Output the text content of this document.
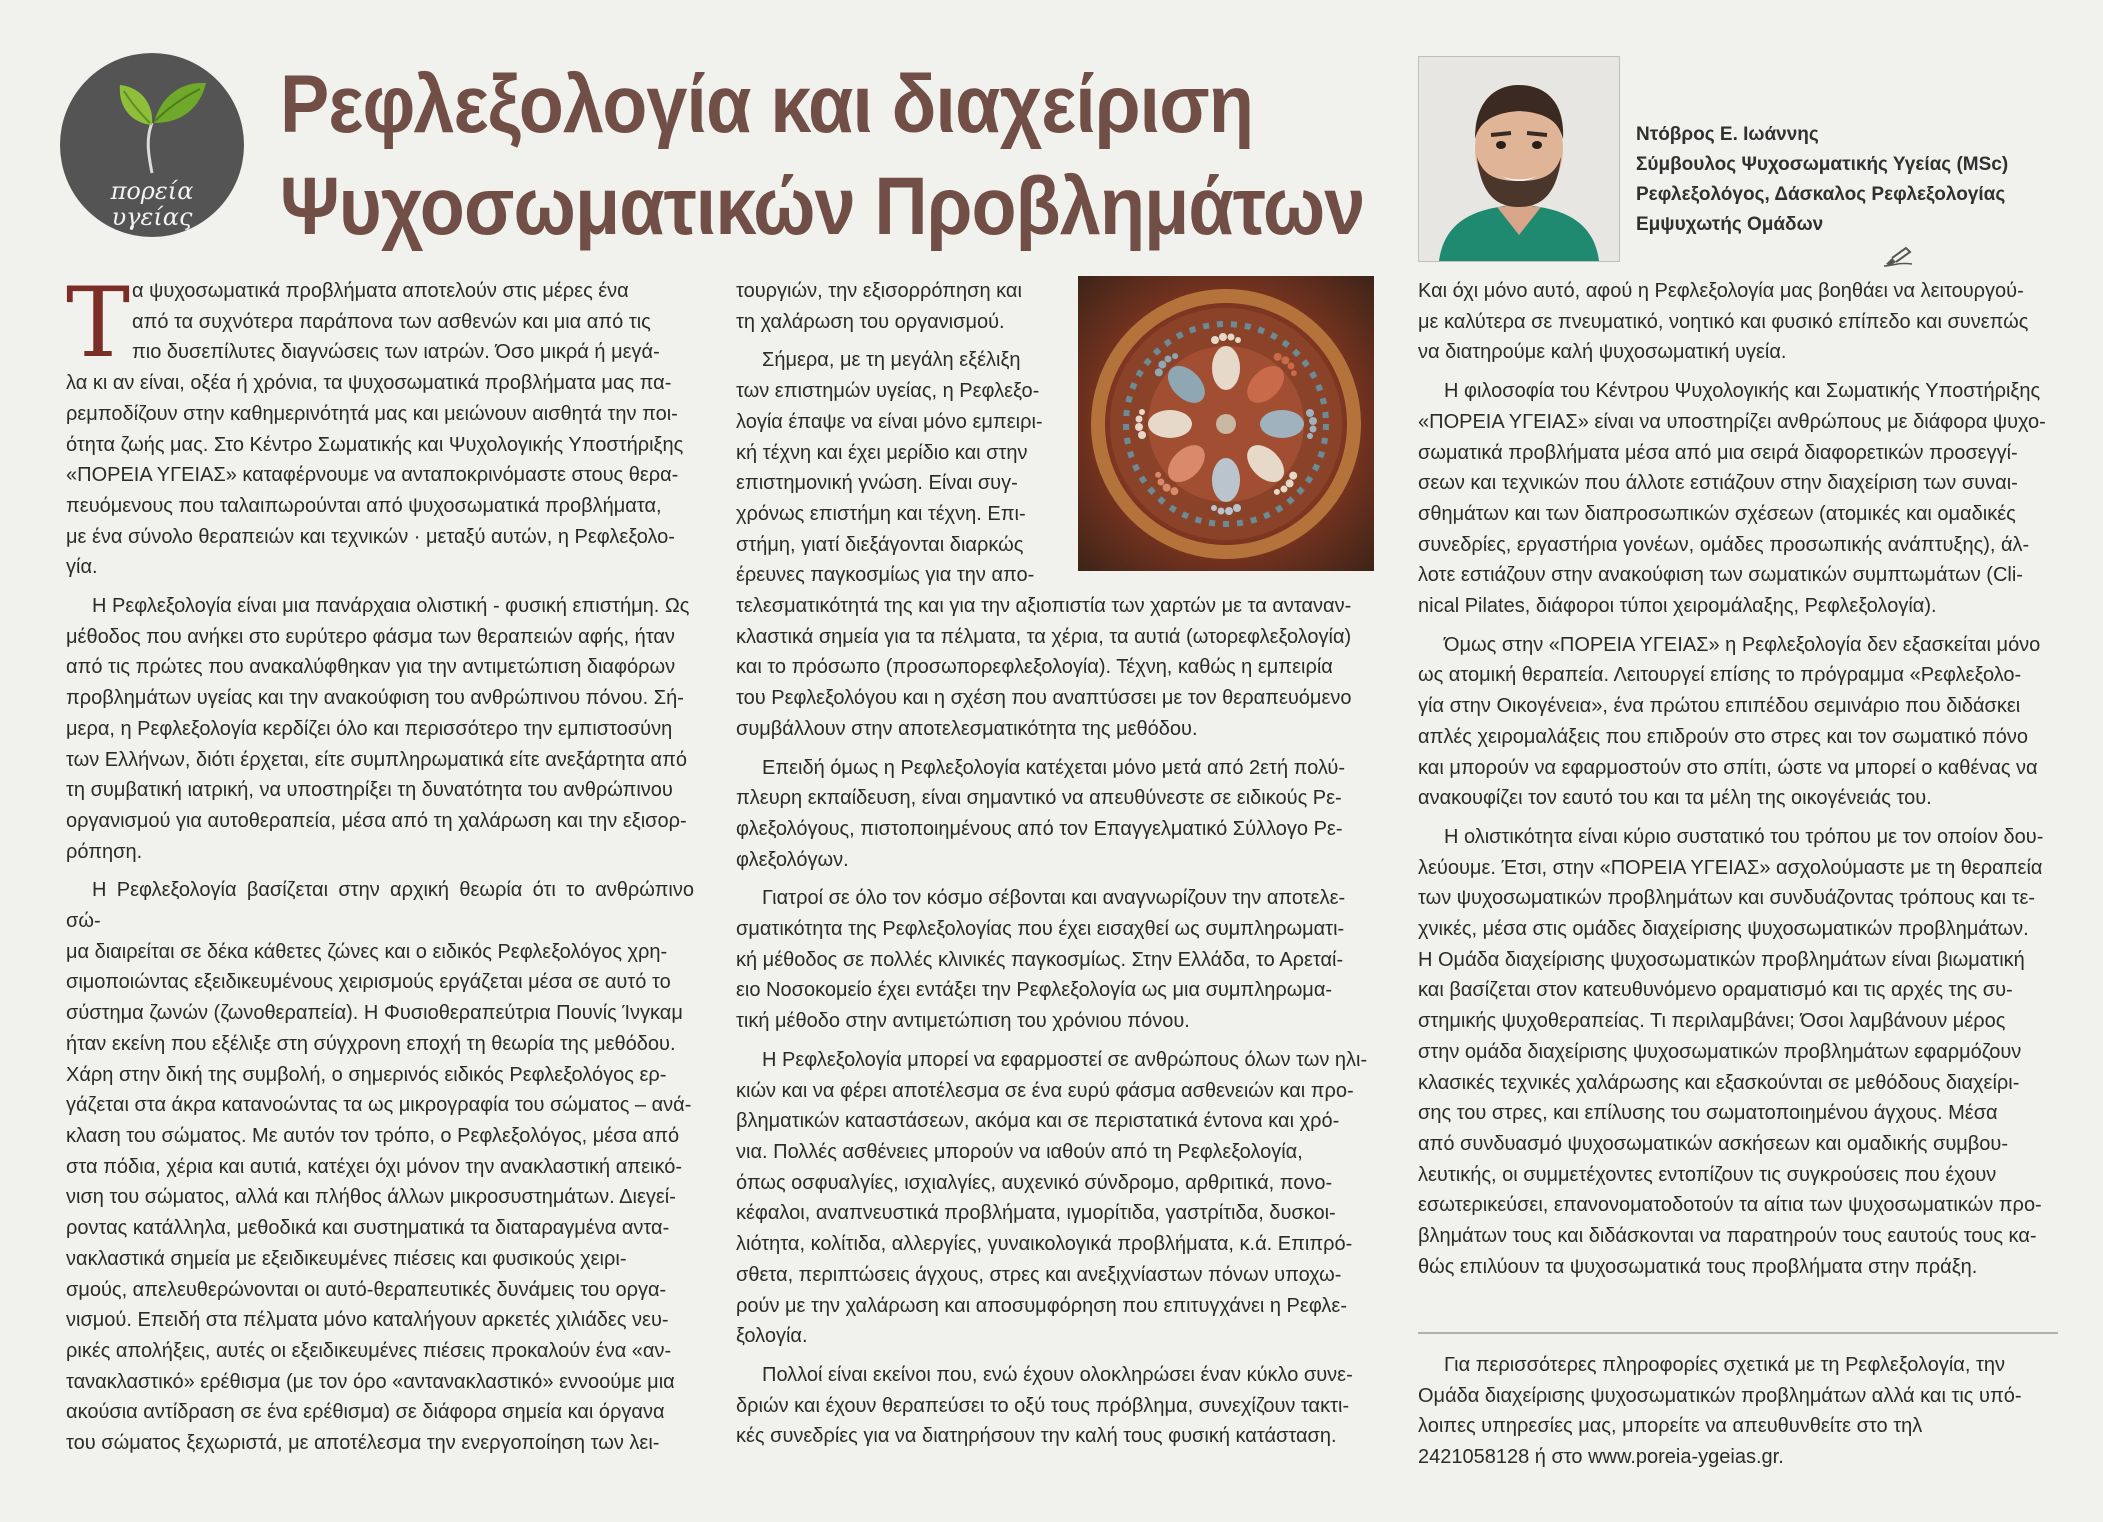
πορεία
υγείας
Ρεφλεξολογία και διαχείριση
Ψυχοσωματικών Προβλημάτων
Ντόβρος Ε. Ιωάννης
Σύμβουλος Ψυχοσωματικής Υγείας (MSc)
Ρεφλεξολόγος, Δάσκαλος Ρεφλεξολογίας
Εμψυχωτής Ομάδων
Τ α ψυχοσωματικά προβλήματα αποτελούν στις μέρες ένα

από τα συχνότερα παράπονα των ασθενών και μια από τις

πιο δυσεπίλυτες διαγνώσεις των ιατρών. Όσο μικρά ή μεγά-

λα κι αν είναι, οξέα ή χρόνια, τα ψυχοσωματικά προβλήματα μας πα-

ρεμποδίζουν στην καθημερινότητά μας και μειώνουν αισθητά την ποι-

ότητα ζωής μας. Στο Κέντρο Σωματικής και Ψυχολογικής Υποστήριξης

«ΠΟΡΕΙΑ ΥΓΕΙΑΣ» καταφέρνουμε να ανταποκρινόμαστε στους θερα-

πευόμενους που ταλαιπωρούνται από ψυχοσωματικά προβλήματα,

με ένα σύνολο θεραπειών και τεχνικών · μεταξύ αυτών, η Ρεφλεξολο-

γία.

Η Ρεφλεξολογία είναι μια πανάρχαια ολιστική - φυσική επιστήμη. Ως

μέθοδος που ανήκει στο ευρύτερο φάσμα των θεραπειών αφής, ήταν

από τις πρώτες που ανακαλύφθηκαν για την αντιμετώπιση διαφόρων

προβλημάτων υγείας και την ανακούφιση του ανθρώπινου πόνου. Σή-

μερα, η Ρεφλεξολογία κερδίζει όλο και περισσότερο την εμπιστοσύνη

των Ελλήνων, διότι έρχεται, είτε συμπληρωματικά είτε ανεξάρτητα από

τη συμβατική ιατρική, να υποστηρίξει τη δυνατότητα του ανθρώπινου

οργανισμού για αυτοθεραπεία, μέσα από τη χαλάρωση και την εξισορ-

ρόπηση.

Η Ρεφλεξολογία βασίζεται στην αρχική θεωρία ότι το ανθρώπινο σώ-

μα διαιρείται σε δέκα κάθετες ζώνες και ο ειδικός Ρεφλεξολόγος χρη-

σιμοποιώντας εξειδικευμένους χειρισμούς εργάζεται μέσα σε αυτό το

σύστημα ζωνών (ζωνοθεραπεία). Η Φυσιοθεραπεύτρια Πουνίς Ίνγκαμ

ήταν εκείνη που εξέλιξε στη σύγχρονη εποχή τη θεωρία της μεθόδου.

Χάρη στην δική της συμβολή, ο σημερινός ειδικός Ρεφλεξολόγος ερ-

γάζεται στα άκρα κατανοώντας τα ως μικρογραφία του σώματος – ανά-

κλαση του σώματος. Με αυτόν τον τρόπο, ο Ρεφλεξολόγος, μέσα από

στα πόδια, χέρια και αυτιά, κατέχει όχι μόνον την ανακλαστική απεικό-

νιση του σώματος, αλλά και πλήθος άλλων μικροσυστημάτων. Διεγεί-

ροντας κατάλληλα, μεθοδικά και συστηματικά τα διαταραγμένα αντα-

νακλαστικά σημεία με εξειδικευμένες πιέσεις και φυσικούς χειρι-

σμούς, απελευθερώνονται οι αυτό-θεραπευτικές δυνάμεις του οργα-

νισμού. Επειδή στα πέλματα μόνο καταλήγουν αρκετές χιλιάδες νευ-

ρικές απολήξεις, αυτές οι εξειδικευμένες πιέσεις προκαλούν ένα «αν-

τανακλαστικό» ερέθισμα (με τον όρο «αντανακλαστικό» εννοούμε μια

ακούσια αντίδραση σε ένα ερέθισμα) σε διάφορα σημεία και όργανα

του σώματος ξεχωριστά, με αποτέλεσμα την ενεργοποίηση των λει-

τουργιών, την εξισορρόπηση και

τη χαλάρωση του οργανισμού.

Σήμερα, με τη μεγάλη εξέλιξη

των επιστημών υγείας, η Ρεφλεξο-

λογία έπαψε να είναι μόνο εμπειρι-

κή τέχνη και έχει μερίδιο και στην

επιστημονική γνώση. Είναι συγ-

χρόνως επιστήμη και τέχνη. Επι-

στήμη, γιατί διεξάγονται διαρκώς

έρευνες παγκοσμίως για την απο-

τελεσματικότητά της και για την αξιοπιστία των χαρτών με τα ανταναν-

κλαστικά σημεία για τα πέλματα, τα χέρια, τα αυτιά (ωτορεφλεξολογία)

και το πρόσωπο (προσωπορεφλεξολογία). Τέχνη, καθώς η εμπειρία

του Ρεφλεξολόγου και η σχέση που αναπτύσσει με τον θεραπευόμενο

συμβάλλουν στην αποτελεσματικότητα της μεθόδου.

Επειδή όμως η Ρεφλεξολογία κατέχεται μόνο μετά από 2ετή πολύ-

πλευρη εκπαίδευση, είναι σημαντικό να απευθύνεστε σε ειδικούς Ρε-

φλεξολόγους, πιστοποιημένους από τον Επαγγελματικό Σύλλογο Ρε-

φλεξολόγων.

Γιατροί σε όλο τον κόσμο σέβονται και αναγνωρίζουν την αποτελε-

σματικότητα της Ρεφλεξολογίας που έχει εισαχθεί ως συμπληρωματι-

κή μέθοδος σε πολλές κλινικές παγκοσμίως. Στην Ελλάδα, το Αρεταί-

ειο Νοσοκομείο έχει εντάξει την Ρεφλεξολογία ως μια συμπληρωμα-

τική μέθοδο στην αντιμετώπιση του χρόνιου πόνου.

Η Ρεφλεξολογία μπορεί να εφαρμοστεί σε ανθρώπους όλων των ηλι-

κιών και να φέρει αποτέλεσμα σε ένα ευρύ φάσμα ασθενειών και προ-

βληματικών καταστάσεων, ακόμα και σε περιστατικά έντονα και χρό-

νια. Πολλές ασθένειες μπορούν να ιαθούν από τη Ρεφλεξολογία,

όπως οσφυαλγίες, ισχιαλγίες, αυχενικό σύνδρομο, αρθριτικά, πονο-

κέφαλοι, αναπνευστικά προβλήματα, ιγμορίτιδα, γαστρίτιδα, δυσκοι-

λιότητα, κολίτιδα, αλλεργίες, γυναικολογικά προβλήματα, κ.ά. Επιπρό-

σθετα, περιπτώσεις άγχους, στρες και ανεξιχνίαστων πόνων υποχω-

ρούν με την χαλάρωση και αποσυμφόρηση που επιτυγχάνει η Ρεφλε-

ξολογία.

Πολλοί είναι εκείνοι που, ενώ έχουν ολοκληρώσει έναν κύκλο συνε-

δριών και έχουν θεραπεύσει το οξύ τους πρόβλημα, συνεχίζουν τακτι-

κές συνεδρίες για να διατηρήσουν την καλή τους φυσική κατάσταση.

Και όχι μόνο αυτό, αφού η Ρεφλεξολογία μας βοηθάει να λειτουργού-

με καλύτερα σε πνευματικό, νοητικό και φυσικό επίπεδο και συνεπώς

να διατηρούμε καλή ψυχοσωματική υγεία.

Η φιλοσοφία του Κέντρου Ψυχολογικής και Σωματικής Υποστήριξης

«ΠΟΡΕΙΑ ΥΓΕΙΑΣ» είναι να υποστηρίζει ανθρώπους με διάφορα ψυχο-

σωματικά προβλήματα μέσα από μια σειρά διαφορετικών προσεγγί-

σεων και τεχνικών που άλλοτε εστιάζουν στην διαχείριση των συναι-

σθημάτων και των διαπροσωπικών σχέσεων (ατομικές και ομαδικές

συνεδρίες, εργαστήρια γονέων, ομάδες προσωπικής ανάπτυξης), άλ-

λοτε εστιάζουν στην ανακούφιση των σωματικών συμπτωμάτων (Cli-

nical Pilates, διάφοροι τύποι χειρομάλαξης, Ρεφλεξολογία).

Όμως στην «ΠΟΡΕΙΑ ΥΓΕΙΑΣ» η Ρεφλεξολογία δεν εξασκείται μόνο

ως ατομική θεραπεία. Λειτουργεί επίσης το πρόγραμμα «Ρεφλεξολο-

γία στην Οικογένεια», ένα πρώτου επιπέδου σεμινάριο που διδάσκει

απλές χειρομαλάξεις που επιδρούν στο στρες και τον σωματικό πόνο

και μπορούν να εφαρμοστούν στο σπίτι, ώστε να μπορεί ο καθένας να

ανακουφίζει τον εαυτό του και τα μέλη της οικογένειάς του.

Η ολιστικότητα είναι κύριο συστατικό του τρόπου με τον οποίον δου-

λεύουμε. Έτσι, στην «ΠΟΡΕΙΑ ΥΓΕΙΑΣ» ασχολούμαστε με τη θεραπεία

των ψυχοσωματικών προβλημάτων και συνδυάζοντας τρόπους και τε-

χνικές, μέσα στις ομάδες διαχείρισης ψυχοσωματικών προβλημάτων.

Η Ομάδα διαχείρισης ψυχοσωματικών προβλημάτων είναι βιωματική

και βασίζεται στον κατευθυνόμενο οραματισμό και τις αρχές της συ-

στημικής ψυχοθεραπείας. Τι περιλαμβάνει; Όσοι λαμβάνουν μέρος

στην ομάδα διαχείρισης ψυχοσωματικών προβλημάτων εφαρμόζουν

κλασικές τεχνικές χαλάρωσης και εξασκούνται σε μεθόδους διαχείρι-

σης του στρες, και επίλυσης του σωματοποιημένου άγχους. Μέσα

από συνδυασμό ψυχοσωματικών ασκήσεων και ομαδικής συμβου-

λευτικής, οι συμμετέχοντες εντοπίζουν τις συγκρούσεις που έχουν

εσωτερικεύσει, επανονοματοδοτούν τα αίτια των ψυχοσωματικών προ-

βλημάτων τους και διδάσκονται να παρατηρούν τους εαυτούς τους κα-

θώς επιλύουν τα ψυχοσωματικά τους προβλήματα στην πράξη.

Για περισσότερες πληροφορίες σχετικά με τη Ρεφλεξολογία, την

Ομάδα διαχείρισης ψυχοσωματικών προβλημάτων αλλά και τις υπό-

λοιπες υπηρεσίες μας, μπορείτε να απευθυνθείτε στο τηλ

2421058128 ή στο www.poreia-ygeias.gr.
